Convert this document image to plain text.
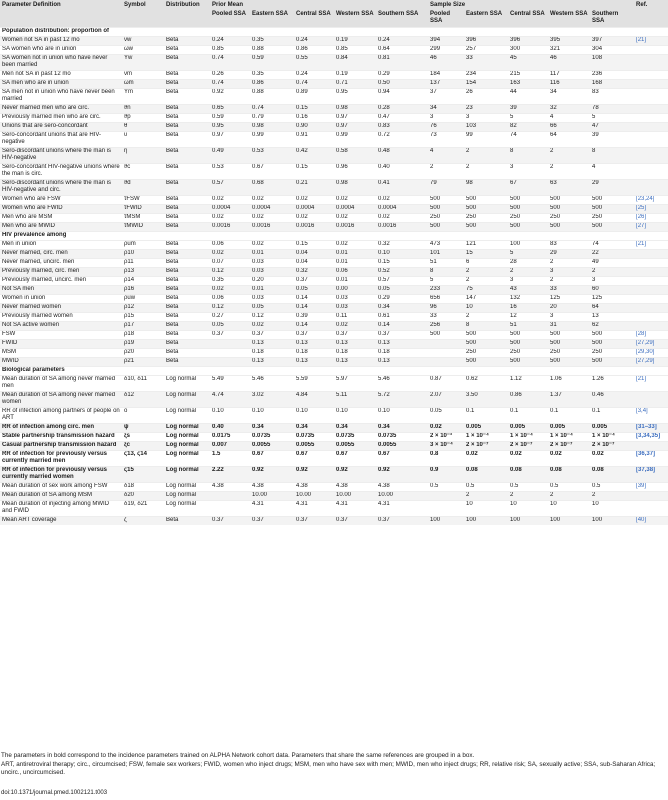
Parameter Definition	Symbol	Distribution	Prior Mean					Sample Size					Ref.
			Pooled SSA	Eastern SSA	Central SSA	Western SSA	Southern SSA	Pooled SSA	Eastern SSA	Central SSA	Western SSA	Southern SSA	
Population distribution: proportion of													
Women not SA in past 12 mo	νw	Beta	0.24	0.35	0.24	0.19	0.24	394	396	396	395	397	[21]
SA women who are in union	ωw	Beta	0.85	0.88	0.86	0.85	0.64	299	257	300	321	304	
SA women not in union who have never been married	Υw	Beta	0.74	0.59	0.55	0.84	0.81	46	33	45	46	108	
Men not SA in past 12 mo	νm	Beta	0.26	0.35	0.24	0.19	0.29	184	234	215	117	236	
SA men who are in union	ωm	Beta	0.74	0.86	0.74	0.71	0.50	137	154	163	116	168	
SA men not in union who have never been married	Υm	Beta	0.92	0.88	0.89	0.95	0.94	37	26	44	34	83	
Never married men who are circ.	ϑn	Beta	0.65	0.74	0.15	0.98	0.28	34	23	39	32	78	
Previously married men who are circ.	ϑp	Beta	0.59	0.79	0.16	0.97	0.47	3	3	5	4	5	
Unions that are sero-concordant	θ	Beta	0.95	0.98	0.90	0.97	0.83	76	103	82	66	47	
Sero-concordant unions that are HIV-negative	υ	Beta	0.97	0.99	0.91	0.99	0.72	73	99	74	64	39	
Sero-discordant unions where the man is HIV-negative	η	Beta	0.49	0.53	0.42	0.58	0.48	4	2	8	2	8	
Sero-concordant HIV-negative unions where the man is circ.	ϑc	Beta	0.53	0.67	0.15	0.96	0.40	2	2	3	2	4	
Sero-discordant unions where the man is HIV-negative and circ.	ϑd	Beta	0.57	0.68	0.21	0.98	0.41	79	98	67	63	29	
Women who are FSW	τFSW	Beta	0.02	0.02	0.02	0.02	0.02	500	500	500	500	500	[23,24]
Women who are FWID	τFWID	Beta	0.0004	0.0004	0.0004	0.0004	0.0004	500	500	500	500	500	[25]
Men who are MSM	τMSM	Beta	0.02	0.02	0.02	0.02	0.02	250	250	250	250	250	[26]
Men who are MWID	τMWID	Beta	0.0016	0.0016	0.0016	0.0016	0.0016	500	500	500	500	500	[27]
HIV prevalence among													
Men in union	ρum	Beta	0.06	0.02	0.15	0.02	0.32	473	121	100	83	74	[21]
Never married, circ. men	ρ10	Beta	0.02	0.01	0.04	0.01	0.10	101	15	5	29	22	
Never married, uncirc. men	ρ11	Beta	0.07	0.03	0.04	0.01	0.15	51	6	28	2	49	
Previously married, circ. men	ρ13	Beta	0.12	0.03	0.32	0.06	0.52	8	2	2	3	2	
Previously married, uncirc. men	ρ14	Beta	0.35	0.20	0.37	0.01	0.57	5	2	3	2	3	
Not SA men	ρ16	Beta	0.02	0.01	0.05	0.00	0.05	233	75	43	33	60	
Women in union	ρuw	Beta	0.06	0.03	0.14	0.03	0.29	656	147	132	125	125	
Never married women	ρ12	Beta	0.12	0.05	0.14	0.03	0.34	96	10	16	20	64	
Previously married women	ρ15	Beta	0.27	0.12	0.39	0.11	0.61	33	2	12	3	13	
Not SA active women	ρ17	Beta	0.05	0.02	0.14	0.02	0.14	256	8	51	31	62	
FSW	ρ18	Beta	0.37	0.37	0.37	0.37	0.37	500	500	500	500	500	[28]
FWID	ρ19	Beta		0.13	0.13	0.13	0.13		500	500	500	500	[27,29]
MSM	ρ20	Beta		0.18	0.18	0.18	0.18		250	250	250	250	[29,30]
MWID	ρ21	Beta		0.13	0.13	0.13	0.13		500	500	500	500	[27,29]
Biological parameters													
Mean duration of SA among never married men	δ10, δ11	Log normal	5.49	5.46	5.59	5.97	5.46	0.87	0.62	1.12	1.06	1.26	[21]
Mean duration of SA among never married women	δ12	Log normal	4.74	3.02	4.84	5.11	5.72	2.07	3.50	0.86	1.37	0.46	
RR of infection among partners of people on ART	ο	Log normal	0.10	0.10	0.10	0.10	0.10	0.05	0.1	0.1	0.1	0.1	[3,4]
RR of infection among circ. men	ψ	Log normal	0.40	0.34	0.34	0.34	0.34	0.02	0.005	0.005	0.005	0.005	[31–33]
Stable partnership transmission hazard	ξs	Log normal	0.0175	0.0735	0.0735	0.0735	0.0735	2 × 10⁻³	1 × 10⁻⁴	1 × 10⁻⁴	1 × 10⁻⁴	1 × 10⁻⁴	[3,34,35]
Casual partnership transmission hazard	ξc	Log normal	0.007	0.0055	0.0055	0.0055	0.0055	3 × 10⁻⁴	2 × 10⁻⁷	2 × 10⁻⁷	2 × 10⁻⁷	2 × 10⁻⁷	
RR of infection for previously versus currently married men	ς13, ς14	Log normal	1.5	0.67	0.67	0.67	0.67	0.8	0.02	0.02	0.02	0.02	[36,37]
RR of infection for previously versus currently married women	ς15	Log normal	2.22	0.92	0.92	0.92	0.92	0.9	0.08	0.08	0.08	0.08	[37,38]
Mean duration of sex work among FSW	δ18	Log normal	4.38	4.38	4.38	4.38	4.38	0.5	0.5	0.5	0.5	0.5	[39]
Mean duration of SA among MSM	δ20	Log normal		10.00	10.00	10.00	10.00		2	2	2	2	
Mean duration of injecting among MWID and FWID	δ19, δ21	Log normal		4.31	4.31	4.31	4.31		10	10	10	10	
Mean ART coverage	ζ	Beta	0.37	0.37	0.37	0.37	0.37	100	100	100	100	100	[40]

The parameters in bold correspond to the incidence parameters trained on ALPHA Network cohort data. Parameters that share the same references are grouped in a box.

ART, antiretroviral therapy; circ., circumcised; FSW, female sex workers; FWID, women who inject drugs; MSM, men who have sex with men; MWID, men who inject drugs; RR, relative risk; SA, sexually active; SSA, sub-Saharan Africa; uncirc., uncircumcised.

doi:10.1371/journal.pmed.1002121.t003
